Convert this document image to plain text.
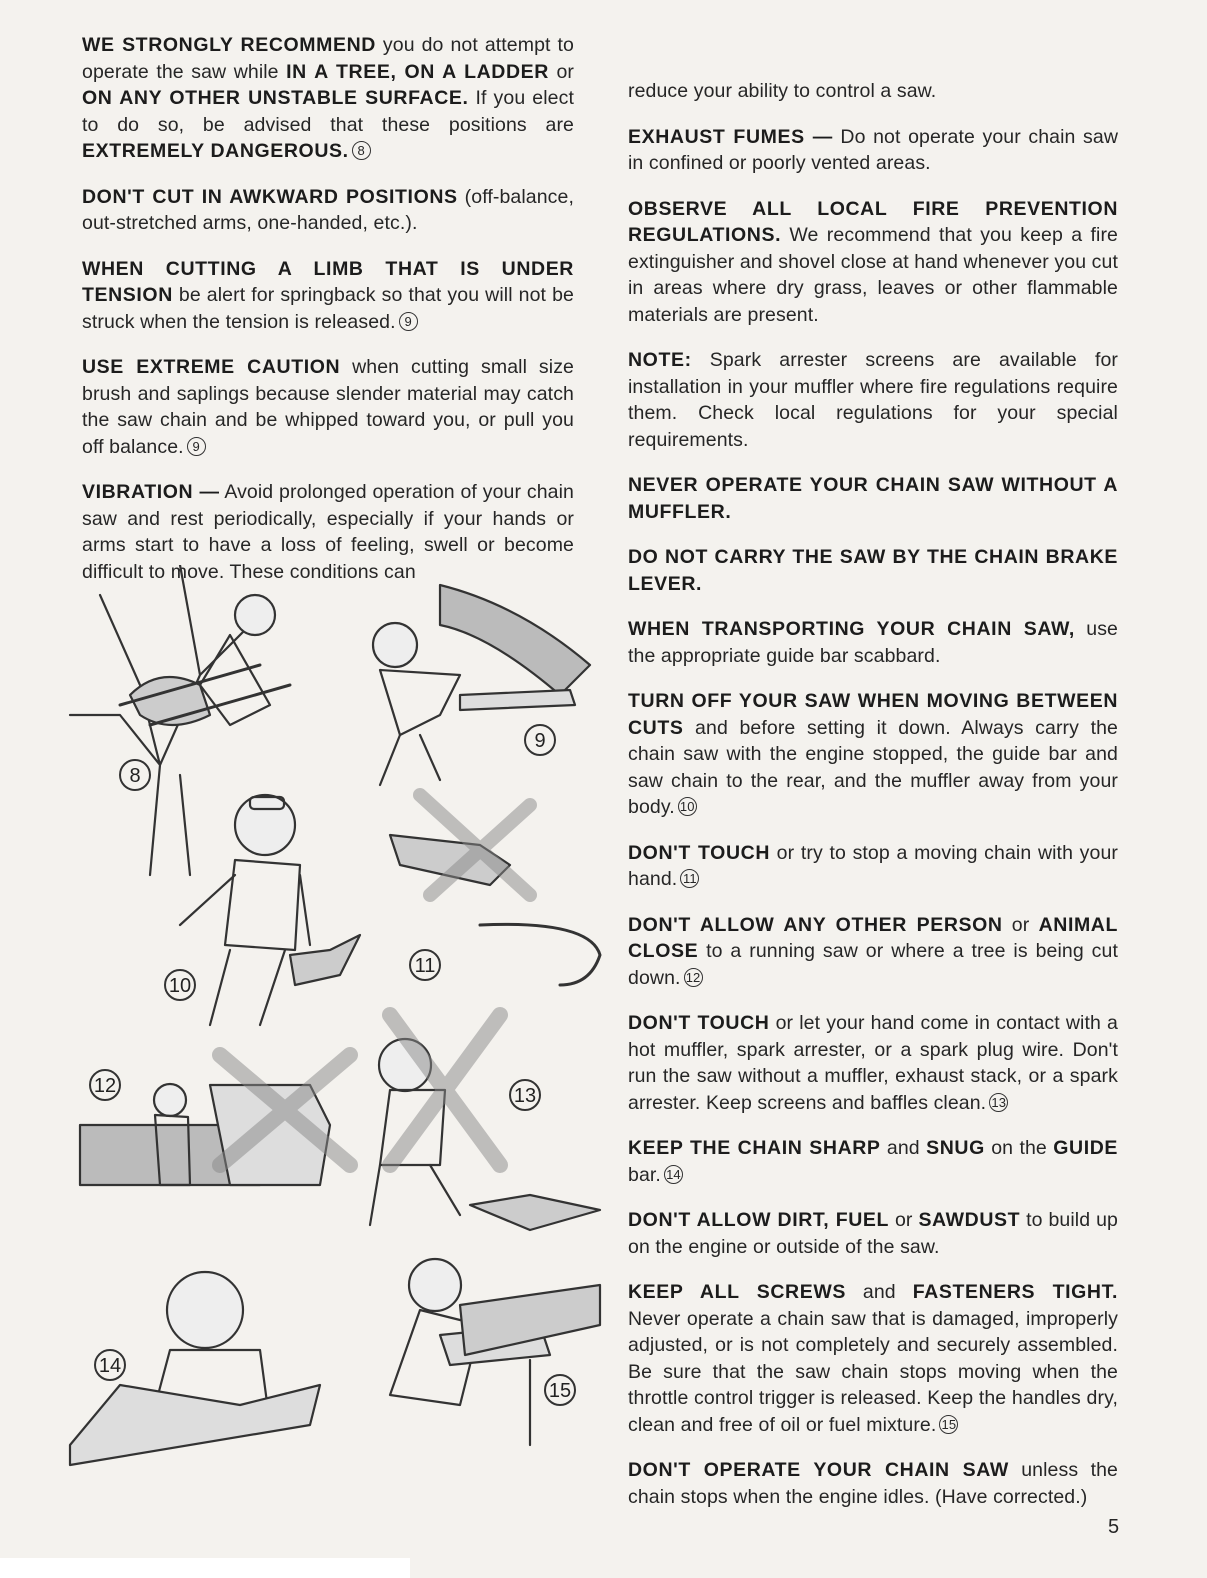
WE STRONGLY RECOMMEND you do not attempt to operate the saw while IN A TREE, ON A LADDER or ON ANY OTHER UNSTABLE SURFACE. If you elect to do so, be advised that these positions are EXTREMELY DANGEROUS. 8

DON'T CUT IN AWKWARD POSITIONS (off-balance, out-stretched arms, one-handed, etc.).

WHEN CUTTING A LIMB THAT IS UNDER TENSION be alert for springback so that you will not be struck when the tension is released. 9

USE EXTREME CAUTION when cutting small size brush and saplings because slender material may catch the saw chain and be whipped toward you, or pull you off balance. 9

VIBRATION — Avoid prolonged operation of your chain saw and rest periodically, especially if your hands or arms start to have a loss of feeling, swell or become difficult to move. These conditions can

reduce your ability to control a saw.

EXHAUST FUMES — Do not operate your chain saw in confined or poorly vented areas.

OBSERVE ALL LOCAL FIRE PREVENTION REGULATIONS. We recommend that you keep a fire extinguisher and shovel close at hand whenever you cut in areas where dry grass, leaves or other flammable materials are present.

NOTE: Spark arrester screens are available for installation in your muffler where fire regulations require them. Check local regulations for your special requirements.

NEVER OPERATE YOUR CHAIN SAW WITHOUT A MUFFLER.

DO NOT CARRY THE SAW BY THE CHAIN BRAKE LEVER.

WHEN TRANSPORTING YOUR CHAIN SAW, use the appropriate guide bar scabbard.

TURN OFF YOUR SAW WHEN MOVING BETWEEN CUTS and before setting it down. Always carry the chain saw with the engine stopped, the guide bar and saw chain to the rear, and the muffler away from your body. 10

DON'T TOUCH or try to stop a moving chain with your hand. 11

DON'T ALLOW ANY OTHER PERSON or ANIMAL CLOSE to a running saw or where a tree is being cut down. 12

DON'T TOUCH or let your hand come in contact with a hot muffler, spark arrester, or a spark plug wire. Don't run the saw without a muffler, exhaust stack, or a spark arrester. Keep screens and baffles clean. 13

KEEP THE CHAIN SHARP and SNUG on the GUIDE bar. 14

DON'T ALLOW DIRT, FUEL or SAWDUST to build up on the engine or outside of the saw.

KEEP ALL SCREWS and FASTENERS TIGHT. Never operate a chain saw that is damaged, improperly adjusted, or is not completely and securely assembled. Be sure that the saw chain stops moving when the throttle control trigger is released. Keep the handles dry, clean and free of oil or fuel mixture. 15

DON'T OPERATE YOUR CHAIN SAW unless the chain stops when the engine idles. (Have corrected.)

8
9
10
11
12	13
14
15
5
